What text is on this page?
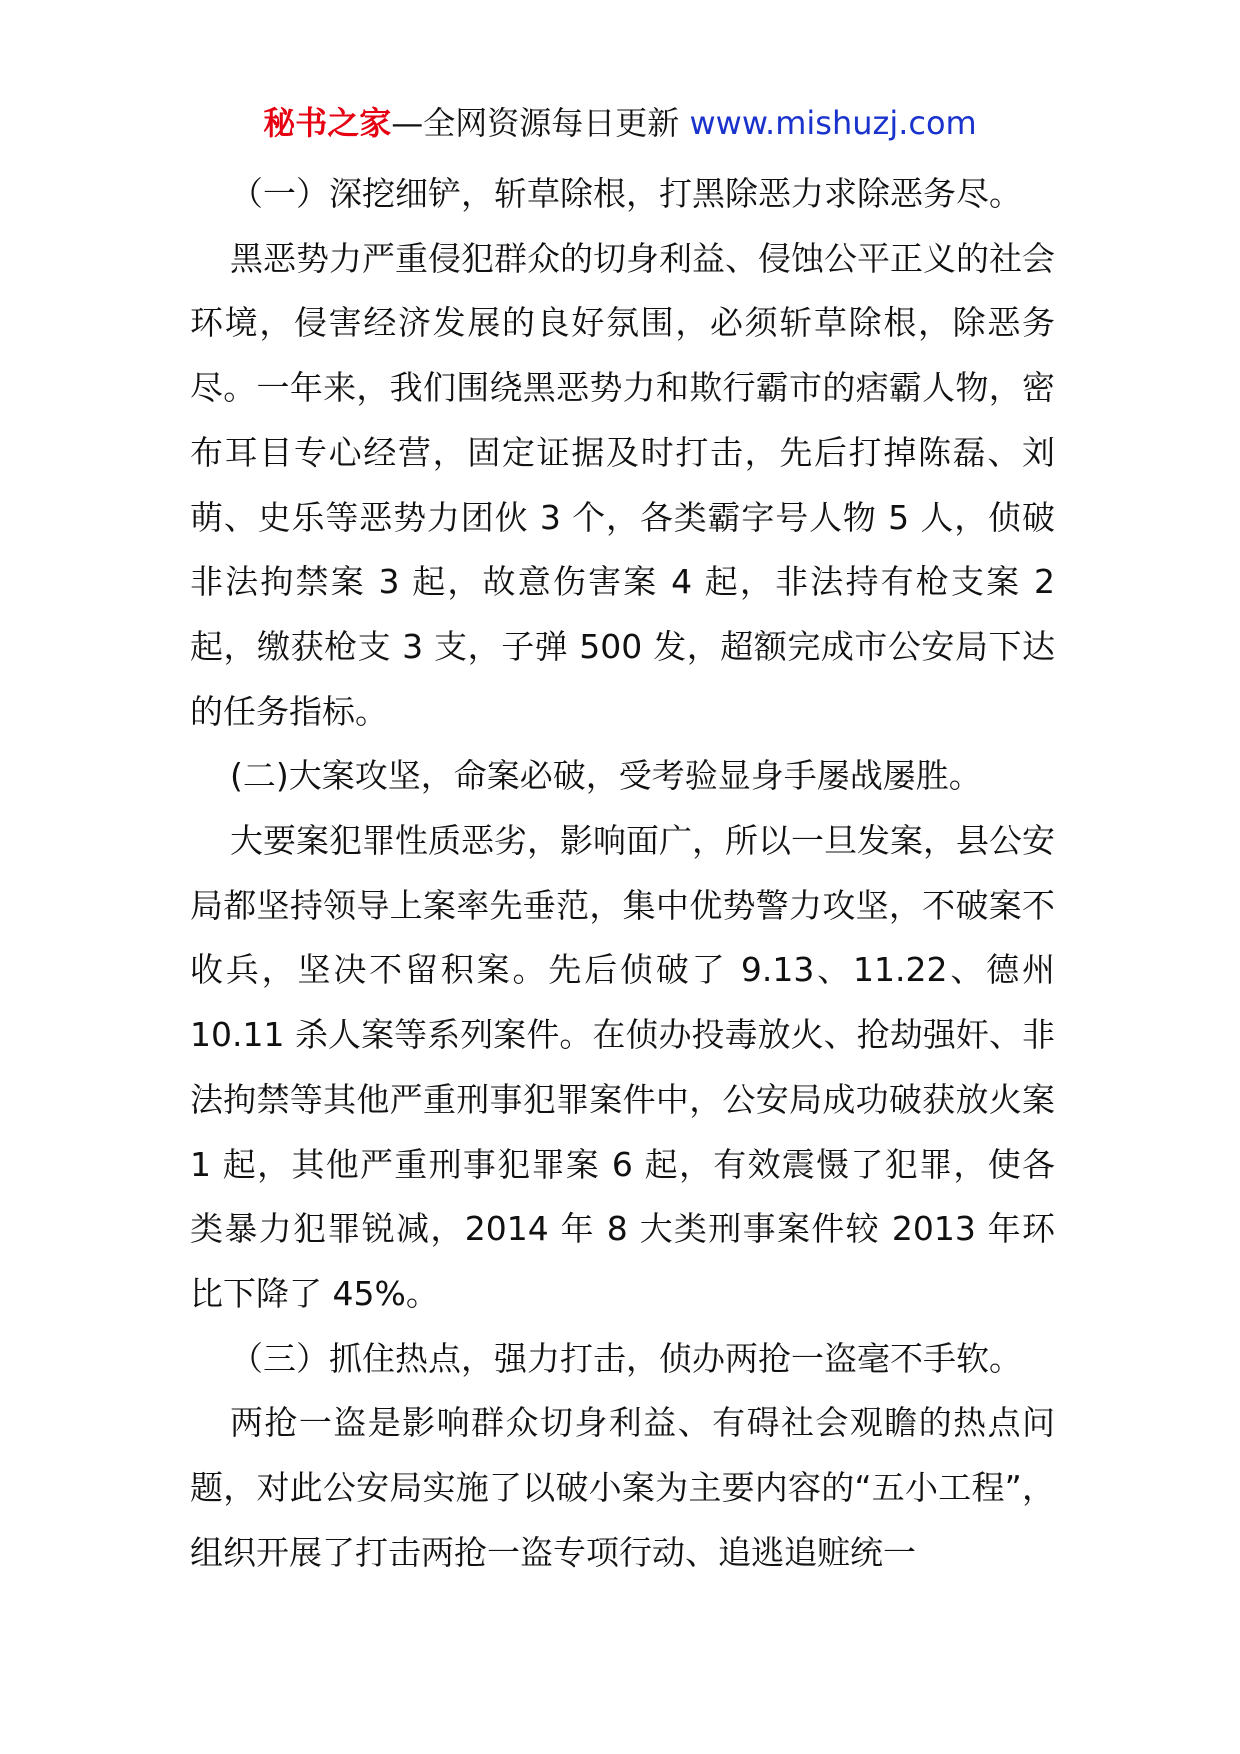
秘书之家—全网资源每日更新 www.mishuzj.com

（一）深挖细铲，斩草除根，打黑除恶力求除恶务尽。

黑恶势力严重侵犯群众的切身利益、侵蚀公平正义的社会环境，侵害经济发展的良好氛围，必须斩草除根，除恶务尽。一年来，我们围绕黑恶势力和欺行霸市的痞霸人物，密布耳目专心经营，固定证据及时打击，先后打掉陈磊、刘萌、史乐等恶势力团伙 3 个，各类霸字号人物 5 人，侦破非法拘禁案 3 起，故意伤害案 4 起，非法持有枪支案 2 起，缴获枪支 3 支，子弹 500 发，超额完成市公安局下达的任务指标。

(二)大案攻坚，命案必破，受考验显身手屡战屡胜。

大要案犯罪性质恶劣，影响面广，所以一旦发案，县公安局都坚持领导上案率先垂范，集中优势警力攻坚，不破案不收兵，坚决不留积案。先后侦破了 9.13、11.22、德州 10.11 杀人案等系列案件。在侦办投毒放火、抢劫强奸、非法拘禁等其他严重刑事犯罪案件中，公安局成功破获放火案 1 起，其他严重刑事犯罪案 6 起，有效震慑了犯罪，使各类暴力犯罪锐减，2014 年 8 大类刑事案件较 2013 年环比下降了 45%。

（三）抓住热点，强力打击，侦办两抢一盗毫不手软。

两抢一盗是影响群众切身利益、有碍社会观瞻的热点问题，对此公安局实施了以破小案为主要内容的“五小工程”，组织开展了打击两抢一盗专项行动、追逃追赃统一
